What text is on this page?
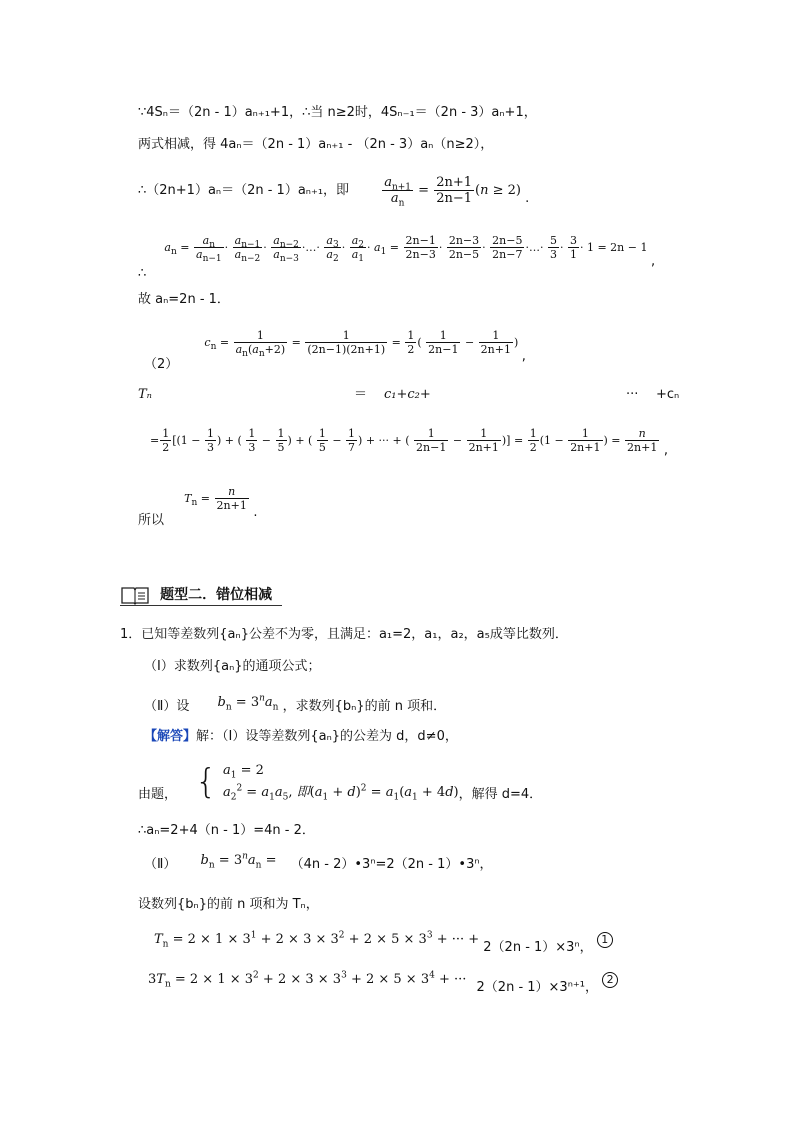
∵4Sₙ＝（2n - 1）aₙ₊₁+1，∴当 n≥2时，4Sₙ₋₁＝（2n - 3）aₙ+1，
两式相减，得 4aₙ＝（2n - 1）aₙ₊₁ - （2n - 3）aₙ（n≥2），
∴（2n+1）aₙ＝（2n - 1）aₙ₊₁，即	$\frac{a_{n+1}}{a_n} = \frac{2n+1}{2n-1} (n \ge 2)$ .
∴ $a_n = \frac{a_n}{a_{n-1}} \cdot \frac{a_{n-1}}{a_{n-2}} \cdot \frac{a_{n-2}}{a_{n-3}}$ ·…· $\frac{a_3}{a_2} \cdot \frac{a_2}{a_1} \cdot a_1 = \frac{2n-1}{2n-3} \cdot \frac{2n-3}{2n-5} \cdot \frac{2n-5}{2n-7}$ ·…· $\frac{5}{3} \cdot \frac{3}{1} \cdot 1 = 2n - 1$ ,
故 aₙ=2n - 1．
（2） $c_n = \frac{1}{a_n(a_n+2)} = \frac{1}{(2n-1)(2n+1)} = \frac{1}{2}$ ( $\frac{1}{2n-1} - \frac{1}{2n+1}$ ) ,
Tₙ	＝ c₁+c₂+	··· +cₙ
= $\frac{1}{2} [(1 - \frac{1}{3}$ ) + ( $\frac{1}{3} - \frac{1}{5}$ ) + ( $\frac{1}{5} - \frac{1}{7}$ ) + ··· + ( $\frac{1}{2n-1} - \frac{1}{2n+1}$ )] = $\frac{1}{2} (1 - \frac{1}{2n+1}$ ) = $\frac{n}{2n+1}$ ,
所以 $T_n = \frac{n}{2n+1}$
.
题型二．错位相减
1．已知等差数列{aₙ}公差不为零，且满足：a₁=2，a₁，a₂，a₅成等比数列．
（Ⅰ）求数列{aₙ}的通项公式；
（Ⅱ）设 $b_n = 3^na_n$ ，求数列{bₙ}的前 n 项和．
【解答】解：（Ⅰ）设等差数列{aₙ}的公差为 d，d≠0，
由题， { $a_1 = 2$
$a_2^2 = a_1a_5$, 即$(a_1 + d)^2 = a_1(a_1 + 4d)$ ，解得 d=4．
∴aₙ=2+4（n - 1）=4n - 2．
（Ⅱ） $b_n = 3^na_n = (4n$ - 2）•3ⁿ=2（2n - 1）•3ⁿ，
设数列{bₙ}的前 n 项和为 Tₙ，
$T_n = 2 \times 1 \times 3^1 + 2 \times 3 \times 3^2 + 2 \times 5 \times 3^3$ + ··· + 2（2n - 1）×3ⁿ， 1
$3T_n = 2 \times 1 \times 3^2 + 2 \times 3 \times 3^3 + 2 \times 5 \times 3^4$ + ··· 2（2n - 1）×3ⁿ⁺¹， 2
